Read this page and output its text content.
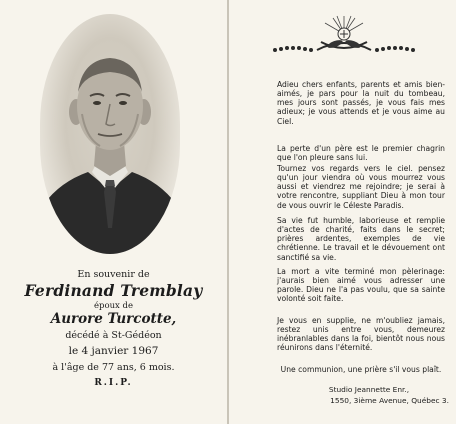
En souvenir de
Ferdinand Tremblay
époux de
Aurore Turcotte,
décédé à St-Gédéon
le 4 janvier 1967
à l'âge de 77 ans, 6 mois.
R.I.P.

Adieu chers enfants, parents et amis bien-aimés, je pars pour la nuit du tombeau, mes jours sont passés, je vous fais mes adieux; je vous attends et je vous aime au Ciel.

La perte d'un père est le premier chagrin que l'on pleure sans lui.

Tournez vos regards vers le ciel. pensez qu'un jour viendra où vous mourrez vous aussi et viendrez me rejoindre; je serai à votre rencontre, suppliant Dieu à mon tour de vous ouvrir le Céleste Paradis.

Sa vie fut humble, laborieuse et remplie d'actes de charité, faits dans le secret; prières ardentes, exemples de vie chrétienne. Le travail et le dévouement ont sanctifié sa vie.

La mort a vite terminé mon pèlerinage: j'aurais bien aimé vous adresser une parole. Dieu ne l'a pas voulu, que sa sainte volonté soit faite.

Je vous en supplie, ne m'oubliez jamais, restez unis entre vous, demeurez inébranlables dans la foi, bientôt nous nous réunirons dans l'éternité.

Une communion, une prière s'il vous plaît.

Studio Jeannette Enr.,
1550, 3ième Avenue, Québec 3.
